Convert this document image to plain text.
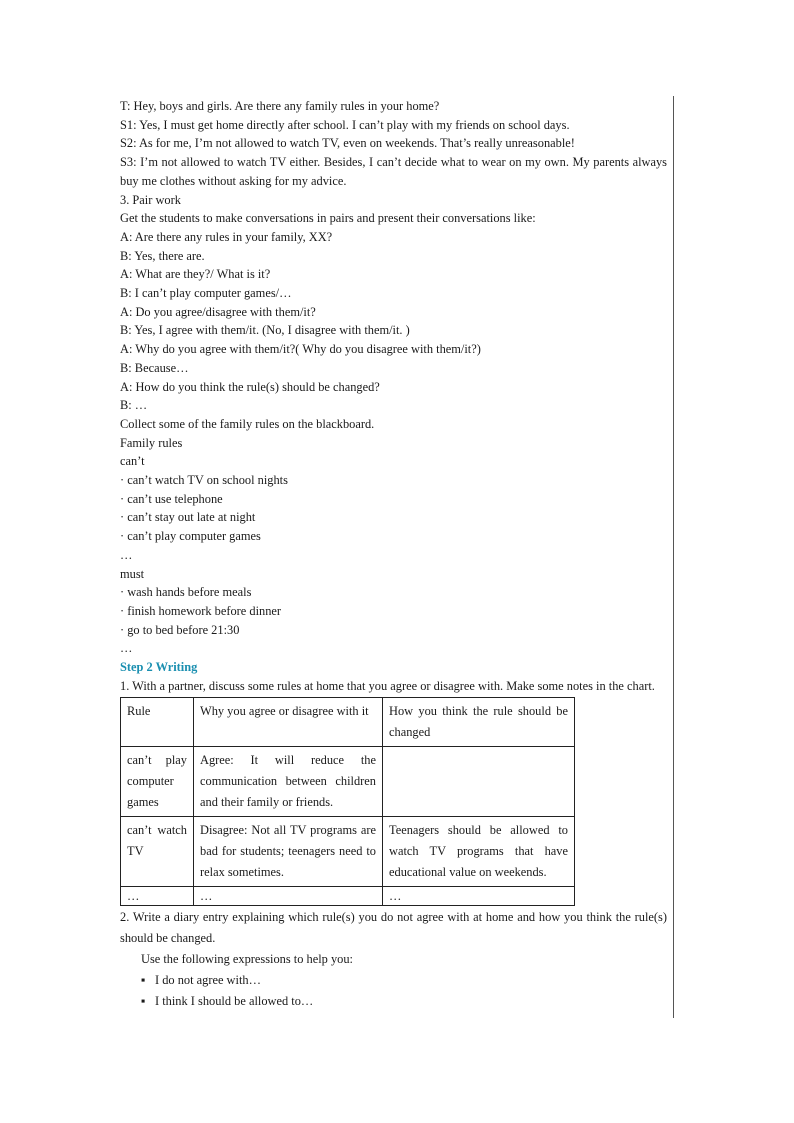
T: Hey, boys and girls. Are there any family rules in your home?
S1: Yes, I must get home directly after school. I can’t play with my friends on school days.
S2: As for me, I’m not allowed to watch TV, even on weekends. That’s really unreasonable!
S3: I’m not allowed to watch TV either. Besides, I can’t decide what to wear on my own. My parents always buy me clothes without asking for my advice.
3. Pair work
Get the students to make conversations in pairs and present their conversations like:
A: Are there any rules in your family, XX?
B: Yes, there are.
A: What are they?/ What is it?
B: I can’t play computer games/…
A: Do you agree/disagree with them/it?
B: Yes, I agree with them/it. (No, I disagree with them/it. )
A: Why do you agree with them/it?( Why do you disagree with them/it?)
B: Because…
A: How do you think the rule(s) should be changed?
B: …
Collect some of the family rules on the blackboard.
Family rules
can’t
· can’t watch TV on school nights
· can’t use telephone
· can’t stay out late at night
· can’t play computer games
…
must
· wash hands before meals
· finish homework before dinner
· go to bed before 21:30
…
Step 2 Writing
1. With a partner, discuss some rules at home that you agree or disagree with. Make some notes in the chart.
Rule	Why you agree or disagree with it	How you think the rule should be changed
can’t play computer games	Agree: It will reduce the communication between children and their family or friends.	
can’t watch TV	Disagree: Not all TV programs are bad for students; teenagers need to relax sometimes.	Teenagers should be allowed to watch TV programs that have educational value on weekends.
…	…	…
2. Write a diary entry explaining which rule(s) you do not agree with at home and how you think the rule(s) should be changed.
Use the following expressions to help you:
▪ I do not agree with…
▪ I think I should be allowed to…
